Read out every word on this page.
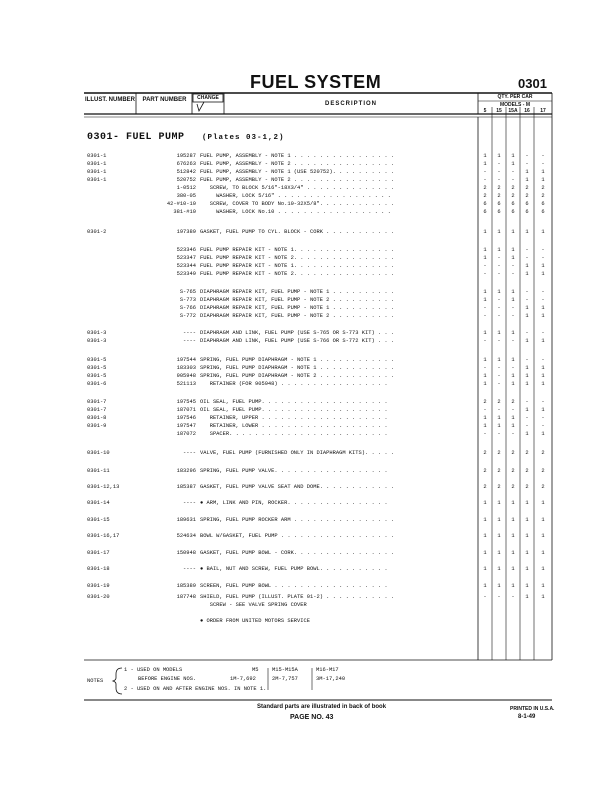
FUEL SYSTEM	0301
ILLUST. NUMBER	PART NUMBER	CHANGE
DESCRIPTION
QTY. PER CAR
MODELS - M
5	15	15A	16	17
0301- FUEL PUMP (Plates 03-1,2)
0301-1	195287 FUEL PUMP, ASSEMBLY - NOTE 1 . . . . . . . . . . . . . . . .	1	1	1	-	-
0301-1	676263 FUEL PUMP, ASSEMBLY - NOTE 2 . . . . . . . . . . . . . . . .	1	-	1	-	-
0301-1	512842 FUEL PUMP, ASSEMBLY - NOTE 1 (USE 520752). . . . . . . . . .	-	-	-	1	1
0301-1	520752 FUEL PUMP, ASSEMBLY - NOTE 2 . . . . . . . . . . . . . . . .	-	-	-	1	1
1-0512 SCREW, TO BLOCK 5/16"-18X3/4" . . . . . . . . . . . . . .	2	2	2	2	2
380-05 WASHER, LOCK 5/16" . . . . . . . . . . . . . . . . . .	2	2	2	2	2
42-#10-10 SCREW, COVER TO BODY No.10-32X5/8". . . . . . . . . . . .	6	6	6	6	6
381-#10 WASHER, LOCK No.10 . . . . . . . . . . . . . . . . . .	6	6	6	6	6
0301-2	197389 GASKET, FUEL PUMP TO CYL. BLOCK - CORK . . . . . . . . . . .	1	1	1	1	1
523346 FUEL PUMP REPAIR KIT - NOTE 1. . . . . . . . . . . . . . . .	1	1	1	-	-
523347 FUEL PUMP REPAIR KIT - NOTE 2. . . . . . . . . . . . . . . .	1	-	1	-	-
523344 FUEL PUMP REPAIR KIT - NOTE 1. . . . . . . . . . . . . . . .	-	-	-	1	1
523349 FUEL PUMP REPAIR KIT - NOTE 2. . . . . . . . . . . . . . . .	-	-	-	1	1
S-765 DIAPHRAGM REPAIR KIT, FUEL PUMP - NOTE 1 . . . . . . . . . .	1	1	1	-	-
S-773 DIAPHRAGM REPAIR KIT, FUEL PUMP - NOTE 2 . . . . . . . . . .	1	-	1	-	-
S-766 DIAPHRAGM REPAIR KIT, FUEL PUMP - NOTE 1 . . . . . . . . . .	-	-	-	1	1
S-772 DIAPHRAGM REPAIR KIT, FUEL PUMP - NOTE 2 . . . . . . . . . .	-	-	-	1	1
0301-3	---- DIAPHRAGM AND LINK, FUEL PUMP (USE S-765 OR S-773 KIT) . . .	1	1	1	-	-
0301-3	---- DIAPHRAGM AND LINK, FUEL PUMP (USE S-766 OR S-772 KIT) . . .	-	-	-	1	1
0301-5	197544 SPRING, FUEL PUMP DIAPHRAGM - NOTE 1 . . . . . . . . . . . .	1	1	1	-	-
0301-5	183303 SPRING, FUEL PUMP DIAPHRAGM - NOTE 1 . . . . . . . . . . . .	-	-	-	1	1
0301-5	905948 SPRING, FUEL PUMP DIAPHRAGM - NOTE 2 . . . . . . . . . . . .	1	-	1	1	1
0301-6	521113 RETAINER (FOR 905948) . . . . . . . . . . . . . . . . .	1	-	1	1	1
0301-7	197545 OIL SEAL, FUEL PUMP. . . . . . . . . . . . . . . . . . . .	2	2	2	-	-
0301-7	187071 OIL SEAL, FUEL PUMP. . . . . . . . . . . . . . . . . . . .	-	-	-	1	1
0301-8	197546 RETAINER, UPPER . . . . . . . . . . . . . . . . . . . .	1	1	1	-	-
0301-9	197547 RETAINER, LOWER . . . . . . . . . . . . . . . . . . . .	1	1	1	-	-
187072 SPACER. . . . . . . . . . . . . . . . . . . . . . . . .	-	-	-	1	1
0301-10	---- VALVE, FUEL PUMP (FURNISHED ONLY IN DIAPHRAGM KITS). . . . .	2	2	2	2	2
0301-11	183296 SPRING, FUEL PUMP VALVE. . . . . . . . . . . . . . . . . .	2	2	2	2	2
0301-12,13	185387 GASKET, FUEL PUMP VALVE SEAT AND DOME. . . . . . . . . . . .	2	2	2	2	2
0301-14	---- ● ARM, LINK AND PIN, ROCKER. . . . . . . . . . . . . . . .	1	1	1	1	1
0301-15	189631 SPRING, FUEL PUMP ROCKER ARM . . . . . . . . . . . . . . . .	1	1	1	1	1
0301-16,17	524634 BOWL W/GASKET, FUEL PUMP . . . . . . . . . . . . . . . . . .	1	1	1	1	1
0301-17	150948 GASKET, FUEL PUMP BOWL - CORK. . . . . . . . . . . . . . . .	1	1	1	1	1
0301-18	---- ● BAIL, NUT AND SCREW, FUEL PUMP BOWL. . . . . . . . . . .	1	1	1	1	1
0301-19	185389 SCREEN, FUEL PUMP BOWL . . . . . . . . . . . . . . . . . .	1	1	1	1	1
0301-20	187748 SHIELD, FUEL PUMP (ILLUST. PLATE 01-2) . . . . . . . . . . .	-	-	-	1	1
SCREW - SEE VALVE SPRING COVER
● ORDER FROM UNITED MOTORS SERVICE
NOTES
1 - USED ON MODELS
BEFORE ENGINE NOS.
M5
1M-7,692
M15-M15A
2M-7,757
M16-M17
3M-17,240
2 - USED ON AND AFTER ENGINE NOS. IN NOTE 1.
Standard parts are illustrated in back of book
PAGE NO. 43
PRINTED IN U.S.A.
8-1-49
